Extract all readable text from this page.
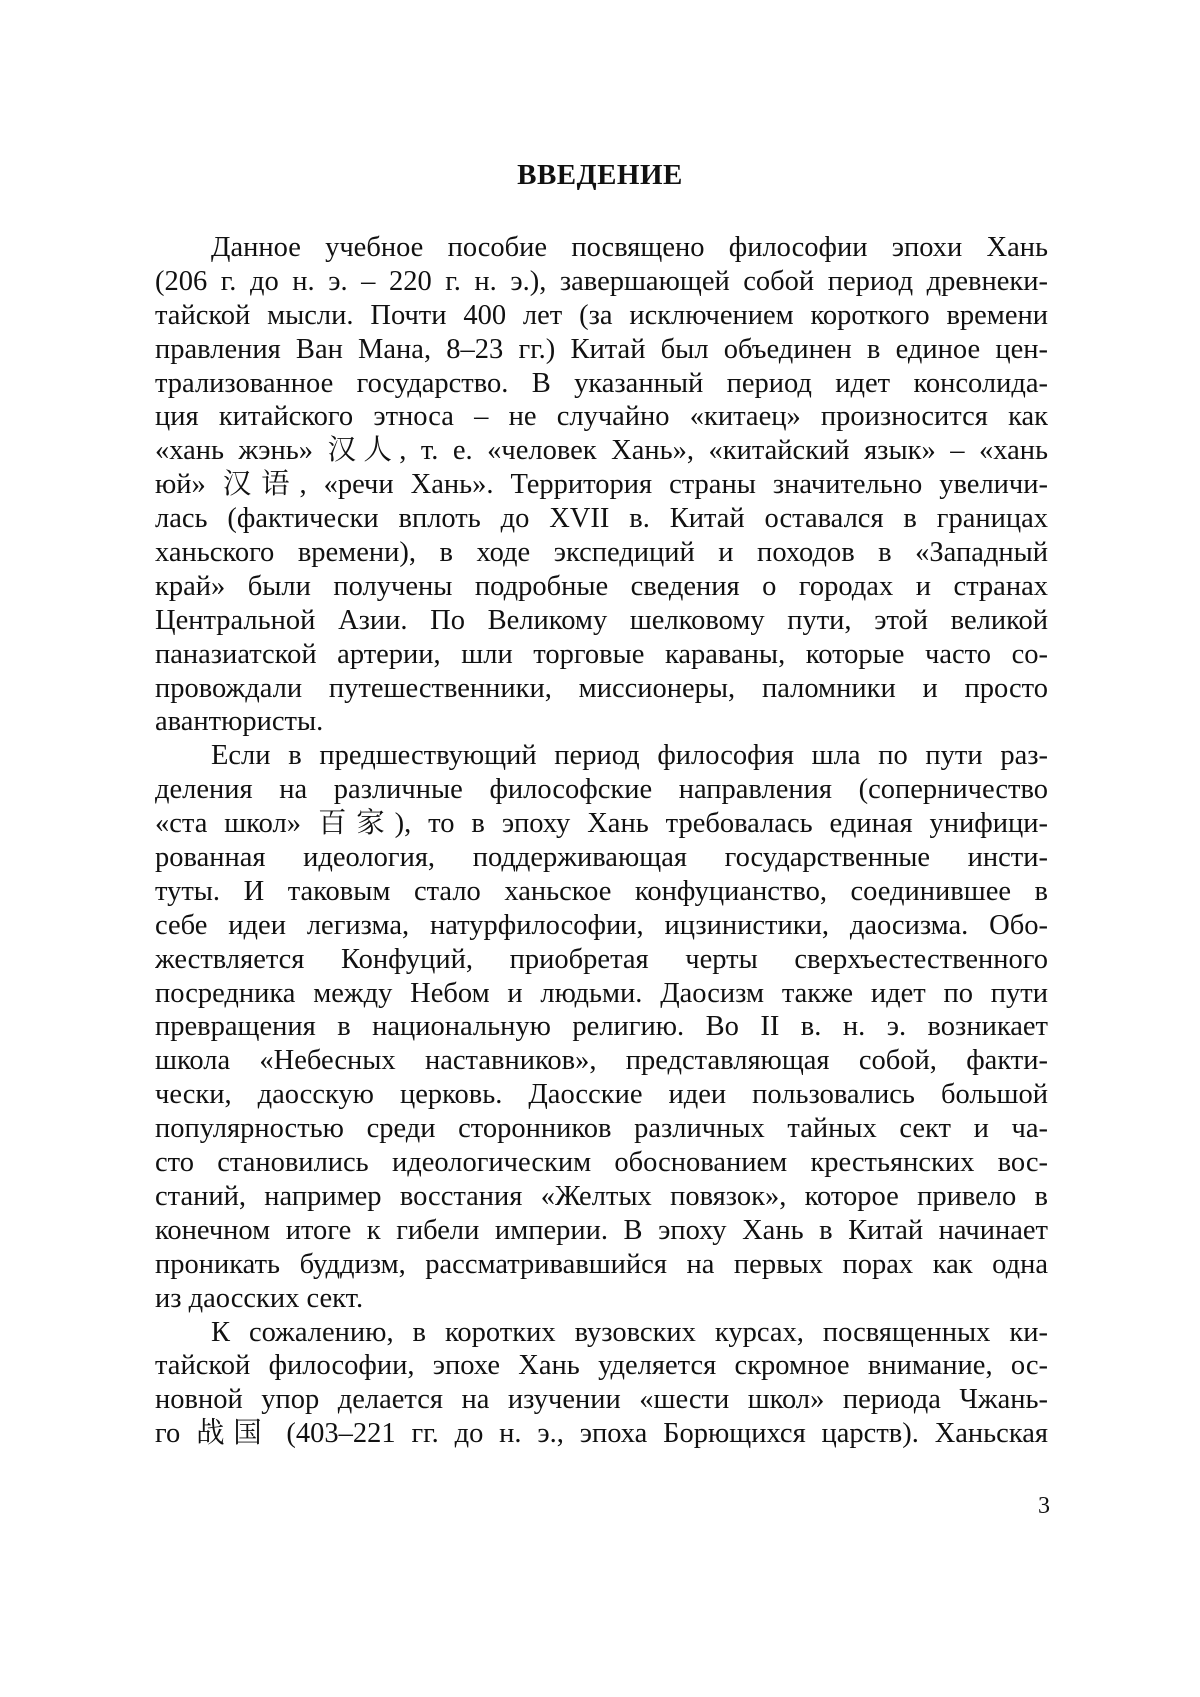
ВВЕДЕНИЕ
Данное учебное пособие посвящено философии эпохи Хань
(206 г. до н. э. – 220 г. н. э.), завершающей собой период древнеки-
тайской мысли. Почти 400 лет (за исключением короткого времени
правления Ван Мана, 8–23 гг.) Китай был объединен в единое цен-
трализованное государство. В указанный период идет консолида-
ция китайского этноса – не случайно «китаец» произносится как
«хань жэнь» 汉人, т. е. «человек Хань», «китайский язык» – «хань
юй» 汉语, «речи Хань». Территория страны значительно увеличи-
лась (фактически вплоть до XVII в. Китай оставался в границах
ханьского времени), в ходе экспедиций и походов в «Западный
край» были получены подробные сведения о городах и странах
Центральной Азии. По Великому шелковому пути, этой великой
паназиатской артерии, шли торговые караваны, которые часто со-
провождали путешественники, миссионеры, паломники и просто
авантюристы.
Если в предшествующий период философия шла по пути раз-
деления на различные философские направления (соперничество
«ста школ» 百家), то в эпоху Хань требовалась единая унифици-
рованная идеология, поддерживающая государственные инсти-
туты. И таковым стало ханьское конфуцианство, соединившее в
себе идеи легизма, натурфилософии, ицзинистики, даосизма. Обо-
жествляется Конфуций, приобретая черты сверхъестественного
посредника между Небом и людьми. Даосизм также идет по пути
превращения в национальную религию. Во II в. н. э. возникает
школа «Небесных наставников», представляющая собой, факти-
чески, даосскую церковь. Даосские идеи пользовались большой
популярностью среди сторонников различных тайных сект и ча-
сто становились идеологическим обоснованием крестьянских вос-
станий, например восстания «Желтых повязок», которое привело в
конечном итоге к гибели империи. В эпоху Хань в Китай начинает
проникать буддизм, рассматривавшийся на первых порах как одна
из даосских сект.
К сожалению, в коротких вузовских курсах, посвященных ки-
тайской философии, эпохе Хань уделяется скромное внимание, ос-
новной упор делается на изучении «шести школ» периода Чжань-
го 战国 (403–221 гг. до н. э., эпоха Борющихся царств). Ханьская
3
